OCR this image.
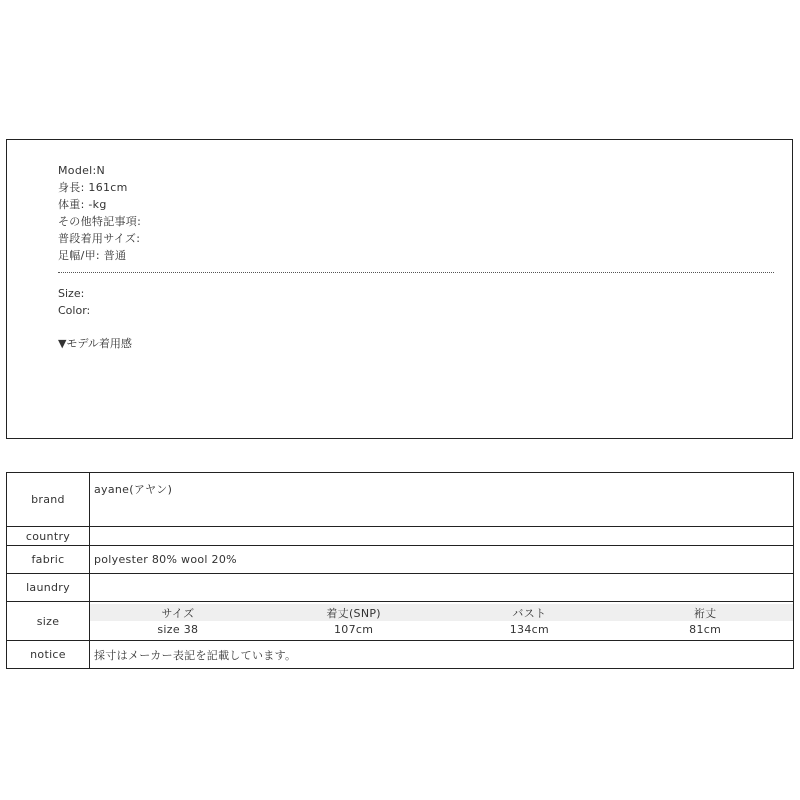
Model:N
身長: 161cm
体重: -kg
その他特記事項:
普段着用サイズ:
足幅/甲: 普通
Size:
Color:
▼モデル着用感
brand	ayane(アヤン)
country	
fabric	polyester 80% wool 20%
laundry	
size	
サイズ	着丈(SNP)	バスト	裄丈
size 38	107cm	134cm	81cm

notice	採寸はメーカー表記を記載しています。
